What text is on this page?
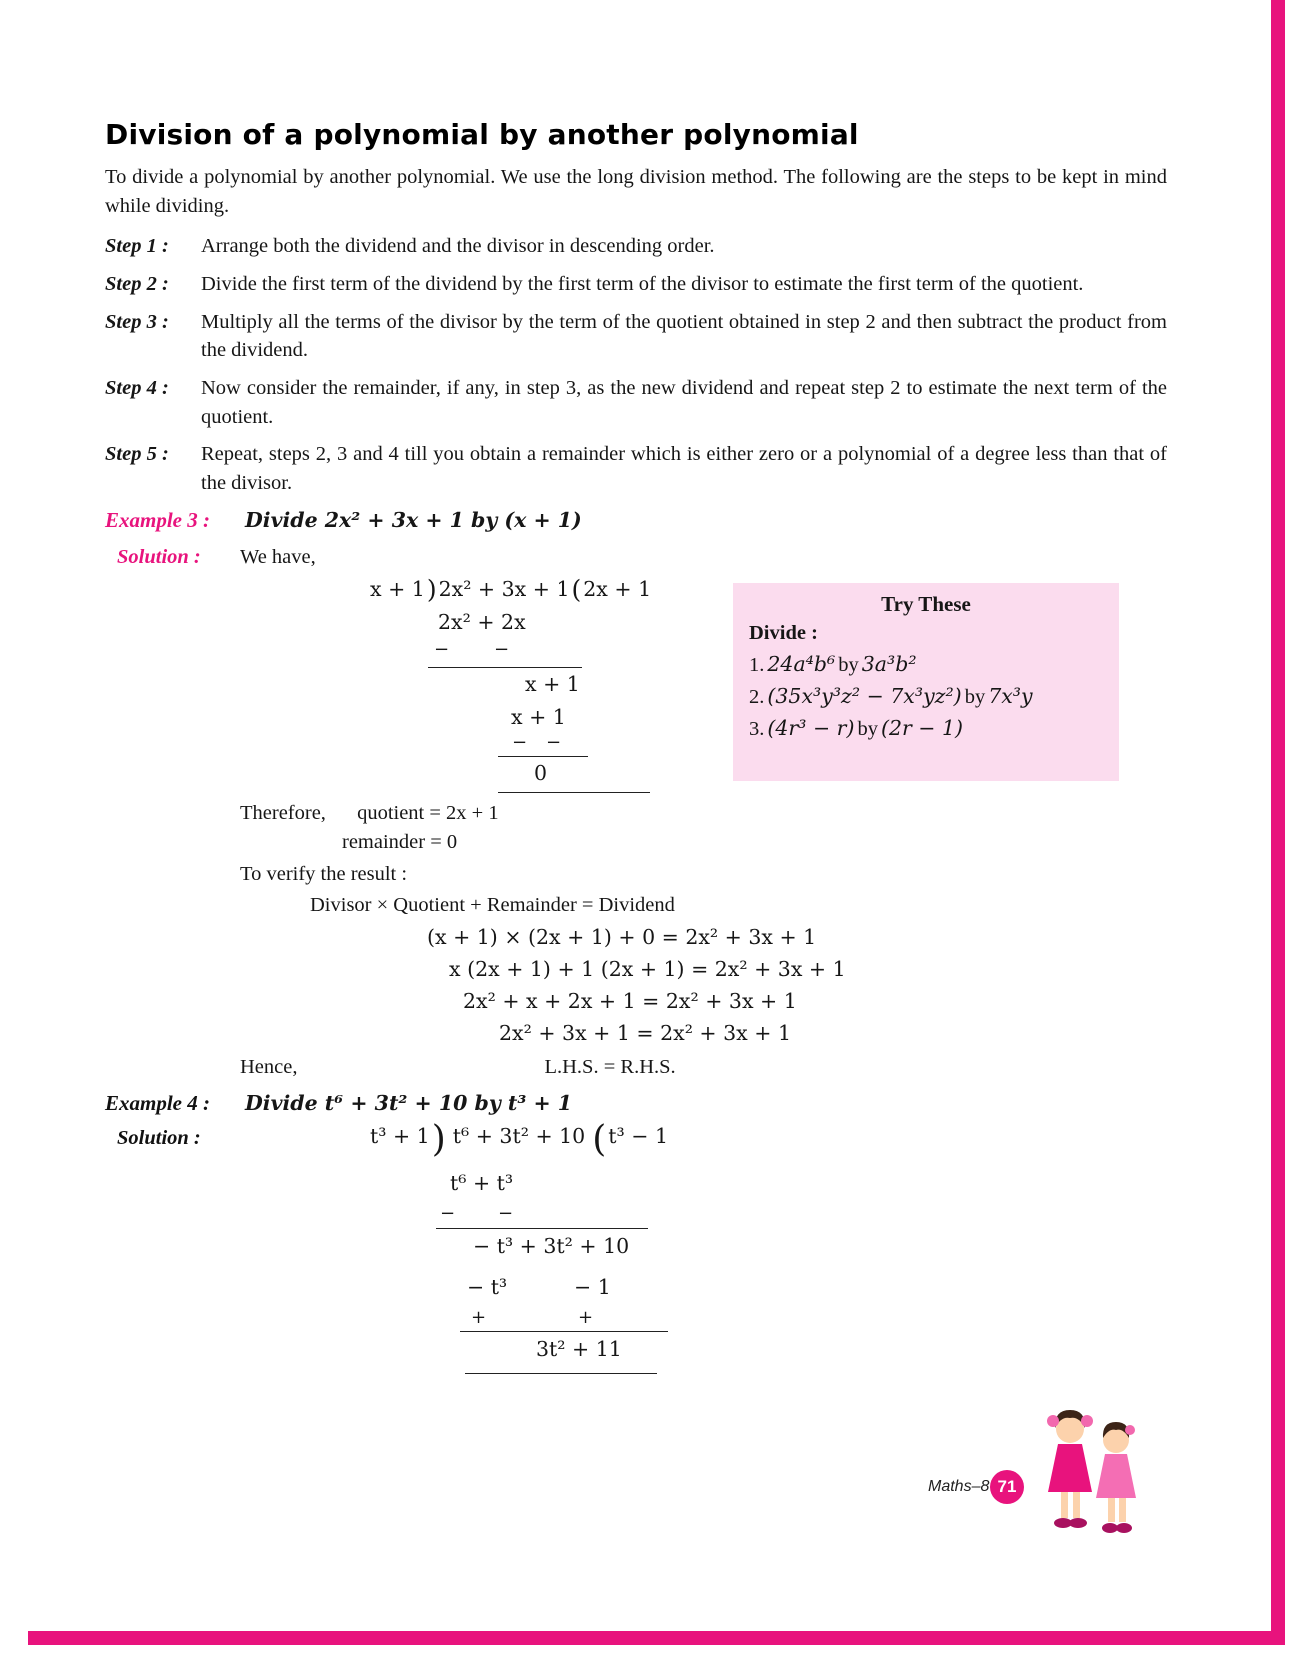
Division of a polynomial by another polynomial

To divide a polynomial by another polynomial. We use the long division method. The following are the steps to be kept in mind while dividing.

Step 1 :	Arrange both the dividend and the divisor in descending order.
Step 2 :	Divide the first term of the dividend by the first term of the divisor to estimate the first term of the quotient.
Step 3 :	Multiply all the terms of the divisor by the term of the quotient obtained in step 2 and then subtract the product from the dividend.
Step 4 :	Now consider the remainder, if any, in step 3, as the new dividend and repeat step 2 to estimate the next term of the quotient.
Step 5 :	Repeat, steps 2, 3 and 4 till you obtain a remainder which is either zero or a polynomial of a degree less than that of the divisor.
Example 3 :	Divide 2x² + 3x + 1 by (x + 1)
Solution :	We have,
x + 1)2x² + 3x + 1(2x + 1
2x² + 2x
− −
x + 1
x + 1
− −
0
Try These
Divide :
1. 24a⁴b⁶ by 3a³b²
2. (35x³y³z² − 7x³yz²) by 7x³y
3. (4r³ − r) by (2r − 1)
Therefore, quotient = 2x + 1
remainder = 0
To verify the result :
Divisor × Quotient + Remainder = Dividend
(x + 1) × (2x + 1) + 0 = 2x² + 3x + 1
x (2x + 1) + 1 (2x + 1) = 2x² + 3x + 1
2x² + x + 2x + 1 = 2x² + 3x + 1
2x² + 3x + 1 = 2x² + 3x + 1
Hence,	L.H.S. = R.H.S.
Example 4 :	Divide t⁶ + 3t² + 10 by t³ + 1
Solution :	t³ + 1) t⁶ + 3t² + 10 (t³ − 1
t⁶ + t³
− −
− t³ + 3t² + 10
− t³	− 1
+	+
3t² + 11
Maths–8 71
